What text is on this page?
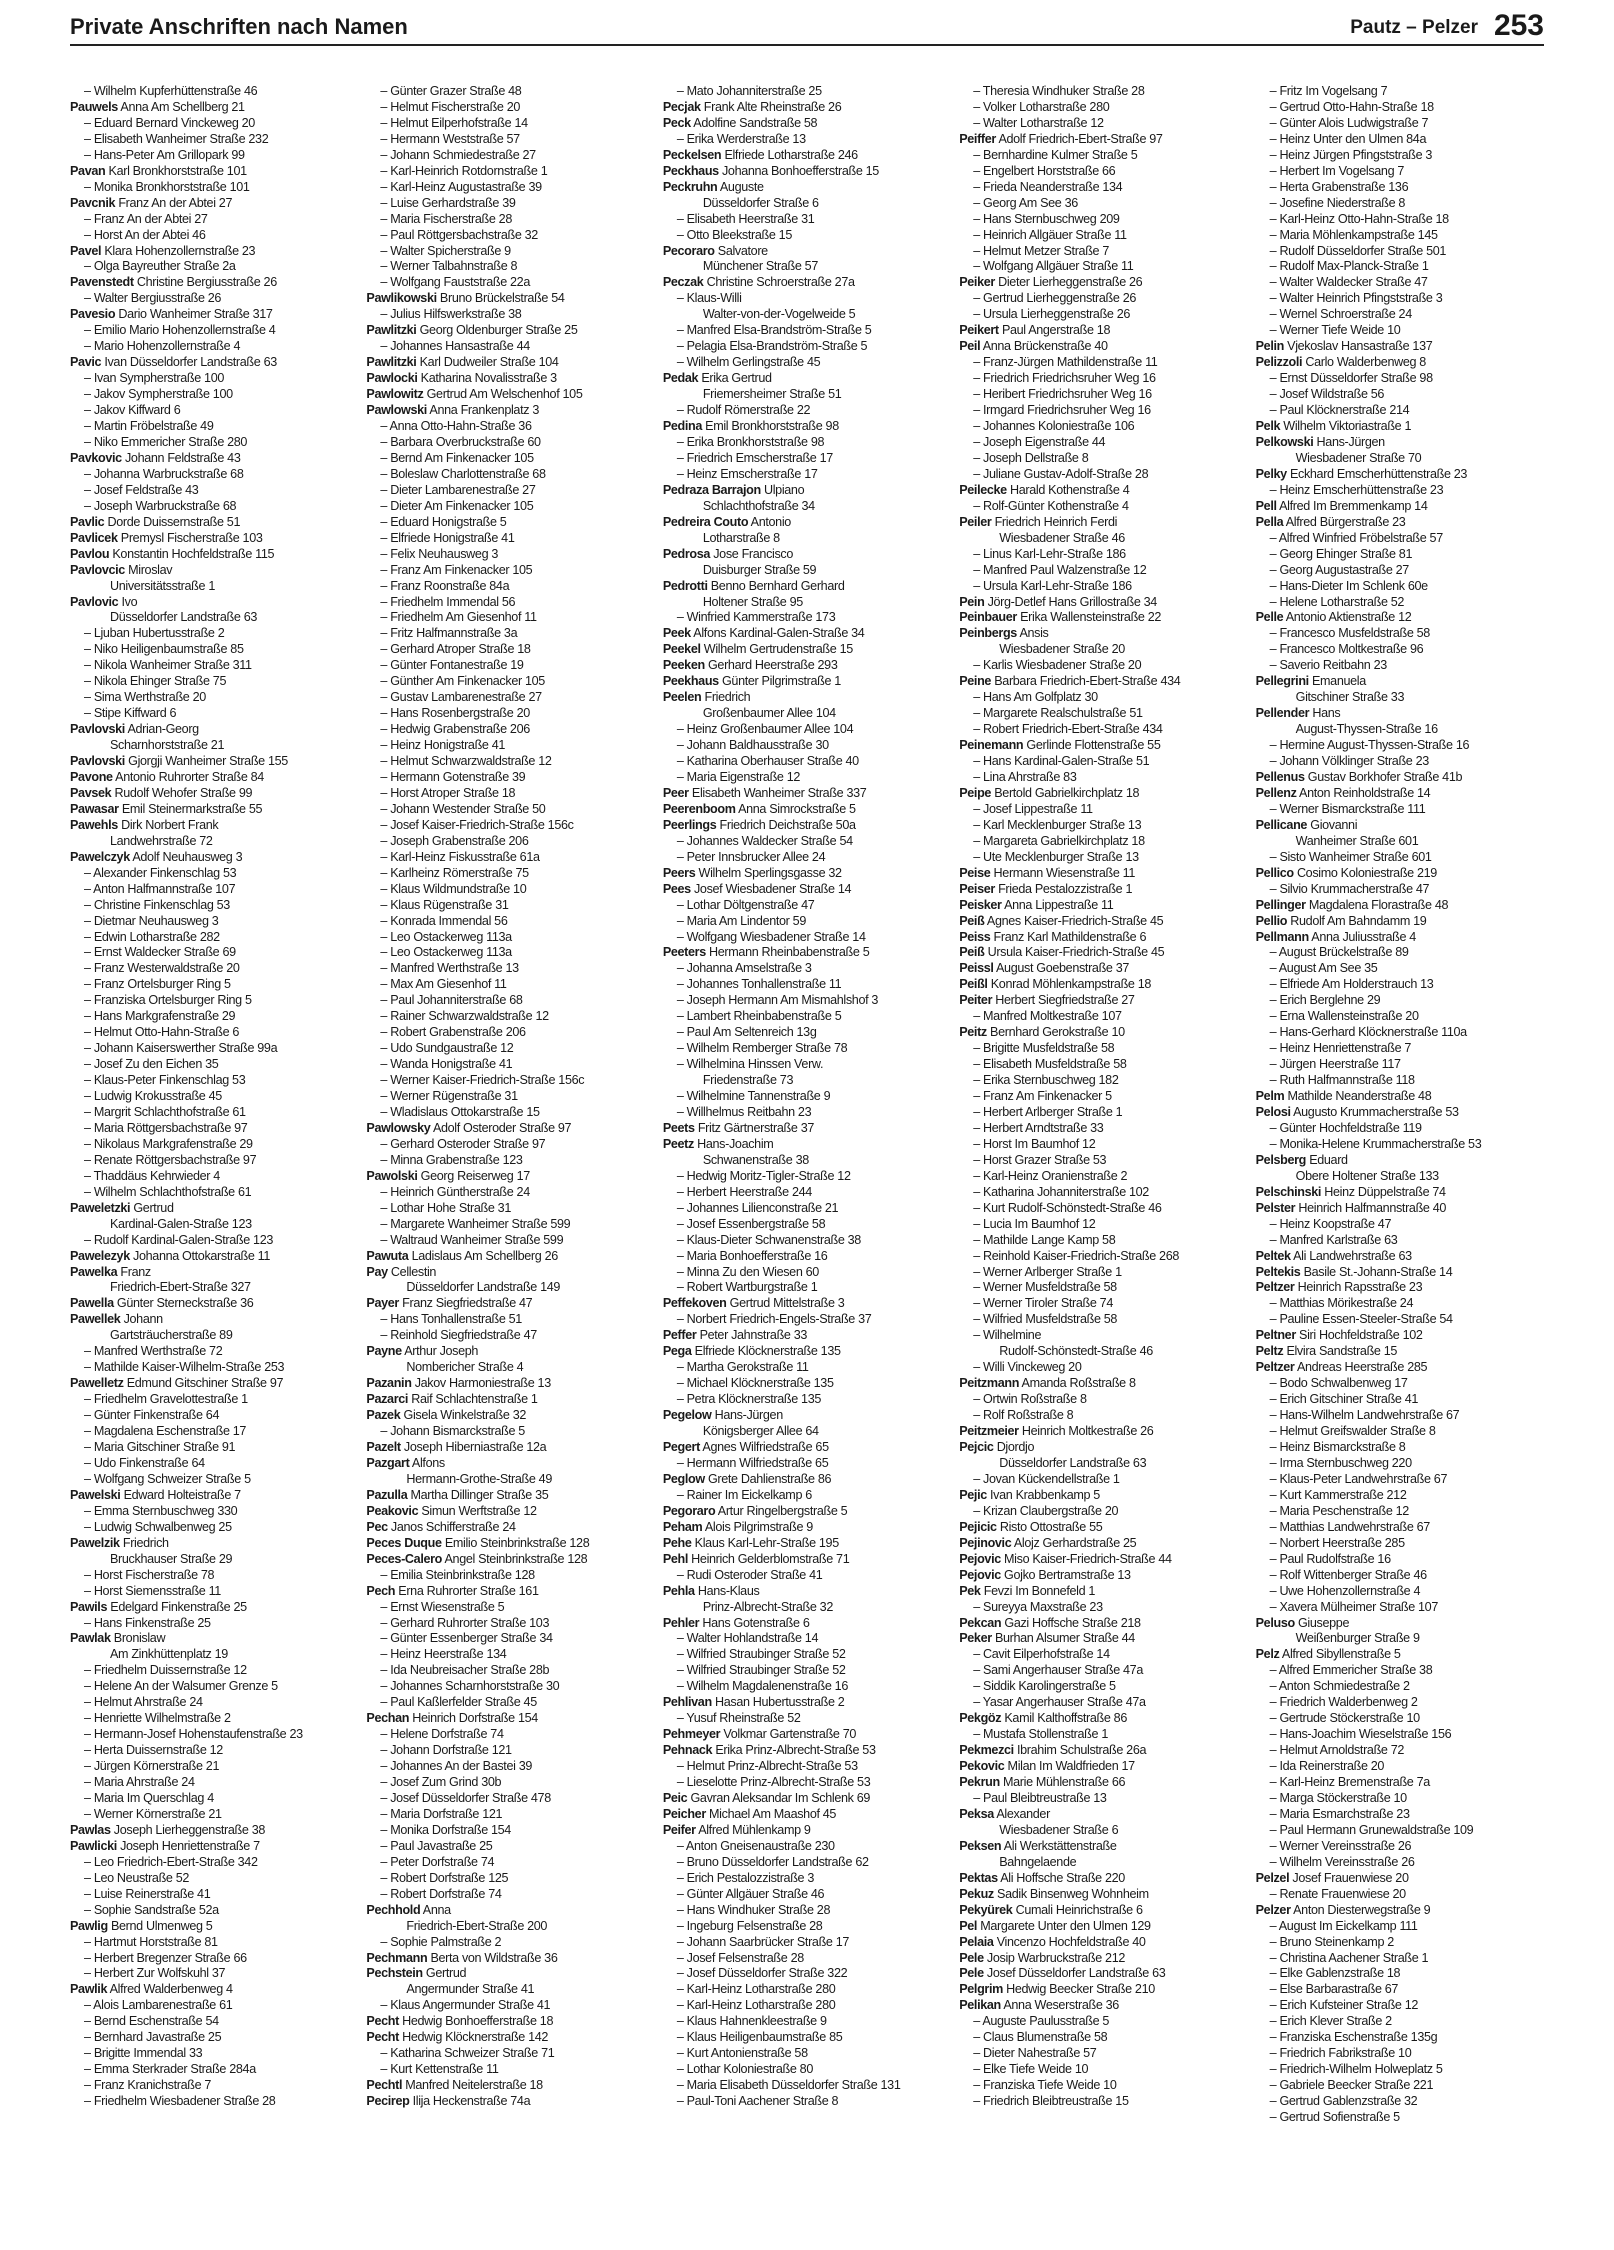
Private Anschriften nach Namen	Pautz – Pelzer 253
– Wilhelm Kupferhüttenstraße 46
Pauwels Anna Am Schellberg 21
– Eduard Bernard Vinckeweg 20
– Elisabeth Wanheimer Straße 232
– Hans-Peter Am Grillopark 99
Pavan Karl Bronkhorststraße 101
– Monika Bronkhorststraße 101
Pavcnik Franz An der Abtei 27
– Franz An der Abtei 27
– Horst An der Abtei 46
Pavel Klara Hohenzollernstraße 23
– Olga Bayreuther Straße 2a
Pavenstedt Christine Bergiusstraße 26
– Walter Bergiusstraße 26
Pavesio Dario Wanheimer Straße 317
– Emilio Mario Hohenzollernstraße 4
– Mario Hohenzollernstraße 4
Pavic Ivan Düsseldorfer Landstraße 63
– Ivan Sympherstraße 100
– Jakov Sympherstraße 100
– Jakov Kiffward 6
– Martin Fröbelstraße 49
– Niko Emmericher Straße 280
Pavkovic Johann Feldstraße 43
– Johanna Warbruckstraße 68
– Josef Feldstraße 43
– Joseph Warbruckstraße 68
Pavlic Dorde Duissernstraße 51
Pavlicek Premysl Fischerstraße 103
Pavlou Konstantin Hochfeldstraße 115
Pavlovcic Miroslav
Universitätsstraße 1
Pavlovic Ivo
Düsseldorfer Landstraße 63
– Ljuban Hubertusstraße 2
– Niko Heiligenbaumstraße 85
– Nikola Wanheimer Straße 311
– Nikola Ehinger Straße 75
– Sima Werthstraße 20
– Stipe Kiffward 6
Pavlovski Adrian-Georg
Scharnhorststraße 21
Pavlovski Gjorgji Wanheimer Straße 155
Pavone Antonio Ruhrorter Straße 84
Pavsek Rudolf Wehofer Straße 99
Pawasar Emil Steinermarkstraße 55
Pawehls Dirk Norbert Frank
Landwehrstraße 72
Pawelczyk Adolf Neuhausweg 3
– Alexander Finkenschlag 53
– Anton Halfmannstraße 107
– Christine Finkenschlag 53
– Dietmar Neuhausweg 3
– Edwin Lotharstraße 282
– Ernst Waldecker Straße 69
– Franz Westerwaldstraße 20
– Franz Ortelsburger Ring 5
– Franziska Ortelsburger Ring 5
– Hans Markgrafenstraße 29
– Helmut Otto-Hahn-Straße 6
– Johann Kaiserswerther Straße 99a
– Josef Zu den Eichen 35
– Klaus-Peter Finkenschlag 53
– Ludwig Krokusstraße 45
– Margrit Schlachthofstraße 61
– Maria Röttgersbachstraße 97
– Nikolaus Markgrafenstraße 29
– Renate Röttgersbachstraße 97
– Thaddäus Kehrwieder 4
– Wilhelm Schlachthofstraße 61
Paweletzki Gertrud
Kardinal-Galen-Straße 123
– Rudolf Kardinal-Galen-Straße 123
Pawelezyk Johanna Ottokarstraße 11
Pawelka Franz
Friedrich-Ebert-Straße 327
Pawella Günter Sterneckstraße 36
Pawellek Johann
Gartsträucherstraße 89
– Manfred Werthstraße 72
– Mathilde Kaiser-Wilhelm-Straße 253
Pawelletz Edmund Gitschiner Straße 97
– Friedhelm Gravelottestraße 1
– Günter Finkenstraße 64
– Magdalena Eschenstraße 17
– Maria Gitschiner Straße 91
– Udo Finkenstraße 64
– Wolfgang Schweizer Straße 5
Pawelski Edward Holteistraße 7
– Emma Sternbuschweg 330
– Ludwig Schwalbenweg 25
Pawelzik Friedrich
Bruckhauser Straße 29
– Horst Fischerstraße 78
– Horst Siemensstraße 11
Pawils Edelgard Finkenstraße 25
– Hans Finkenstraße 25
Pawlak Bronislaw
Am Zinkhüttenplatz 19
– Friedhelm Duissernstraße 12
– Helene An der Walsumer Grenze 5
– Helmut Ahrstraße 24
– Henriette Wilhelmstraße 2
– Hermann-Josef Hohenstaufenstraße 23
– Herta Duissernstraße 12
– Jürgen Körnerstraße 21
– Maria Ahrstraße 24
– Maria Im Querschlag 4
– Werner Körnerstraße 21
Pawlas Joseph Lierheggenstraße 38
Pawlicki Joseph Henriettenstraße 7
– Leo Friedrich-Ebert-Straße 342
– Leo Neustraße 52
– Luise Reinerstraße 41
– Sophie Sandstraße 52a
Pawlig Bernd Ulmenweg 5
– Hartmut Horststraße 81
– Herbert Bregenzer Straße 66
– Herbert Zur Wolfskuhl 37
Pawlik Alfred Walderbenweg 4
– Alois Lambarenestraße 61
– Bernd Eschenstraße 54
– Bernhard Javastraße 25
– Brigitte Immendal 33
– Emma Sterkrader Straße 284a
– Franz Kranichstraße 7
– Friedhelm Wiesbadener Straße 28
– Günter Grazer Straße 48
– Helmut Fischerstraße 20
– Helmut Eilperhofstraße 14
– Hermann Weststraße 57
– Johann Schmiedestraße 27
– Karl-Heinrich Rotdornstraße 1
– Karl-Heinz Augustastraße 39
– Luise Gerhardstraße 39
– Maria Fischerstraße 28
– Paul Röttgersbachstraße 32
– Walter Spicherstraße 9
– Werner Talbahnstraße 8
– Wolfgang Fauststraße 22a
Pawlikowski Bruno Brückelstraße 54
– Julius Hilfswerkstraße 38
Pawlitzki Georg Oldenburger Straße 25
– Johannes Hansastraße 44
Pawlitzki Karl Dudweiler Straße 104
Pawlocki Katharina Novalisstraße 3
Pawlowitz Gertrud Am Welschenhof 105
Pawlowski Anna Frankenplatz 3
– Anna Otto-Hahn-Straße 36
– Barbara Overbruckstraße 60
– Bernd Am Finkenacker 105
– Boleslaw Charlottenstraße 68
– Dieter Lambarenestraße 27
– Dieter Am Finkenacker 105
– Eduard Honigstraße 5
– Elfriede Honigstraße 41
– Felix Neuhausweg 3
– Franz Am Finkenacker 105
– Franz Roonstraße 84a
– Friedhelm Immendal 56
– Friedhelm Am Giesenhof 11
– Fritz Halfmannstraße 3a
– Gerhard Atroper Straße 18
– Günter Fontanestraße 19
– Günther Am Finkenacker 105
– Gustav Lambarenestraße 27
– Hans Rosenbergstraße 20
– Hedwig Grabenstraße 206
– Heinz Honigstraße 41
– Helmut Schwarzwaldstraße 12
– Hermann Gotenstraße 39
– Horst Atroper Straße 18
– Johann Westender Straße 50
– Josef Kaiser-Friedrich-Straße 156c
– Joseph Grabenstraße 206
– Karl-Heinz Fiskusstraße 61a
– Karlheinz Römerstraße 75
– Klaus Wildmundstraße 10
– Klaus Rügenstraße 31
– Konrada Immendal 56
– Leo Ostackerweg 113a
– Leo Ostackerweg 113a
– Manfred Werthstraße 13
– Max Am Giesenhof 11
– Paul Johanniterstraße 68
– Rainer Schwarzwaldstraße 12
– Robert Grabenstraße 206
– Udo Sundgaustraße 12
– Wanda Honigstraße 41
– Werner Kaiser-Friedrich-Straße 156c
– Werner Rügenstraße 31
– Wladislaus Ottokarstraße 15
Pawlowsky Adolf Osteroder Straße 97
– Gerhard Osteroder Straße 97
– Minna Grabenstraße 123
Pawolski Georg Reiserweg 17
– Heinrich Güntherstraße 24
– Lothar Hohe Straße 31
– Margarete Wanheimer Straße 599
– Waltraud Wanheimer Straße 599
Pawuta Ladislaus Am Schellberg 26
Pay Cellestin
Düsseldorfer Landstraße 149
Payer Franz Siegfriedstraße 47
– Hans Tonhallenstraße 51
– Reinhold Siegfriedstraße 47
Payne Arthur Joseph
Nombericher Straße 4
Pazanin Jakov Harmoniestraße 13
Pazarci Raif Schlachtenstraße 1
Pazek Gisela Winkelstraße 32
– Johann Bismarckstraße 5
Pazelt Joseph Hiberniastraße 12a
Pazgart Alfons
Hermann-Grothe-Straße 49
Pazulla Martha Dillinger Straße 35
Peakovic Simun Werftstraße 12
Pec Janos Schifferstraße 24
Peces Duque Emilio Steinbrinkstraße 128
Peces-Calero Angel Steinbrinkstraße 128
– Emilia Steinbrinkstraße 128
Pech Erna Ruhrorter Straße 161
– Ernst Wiesenstraße 5
– Gerhard Ruhrorter Straße 103
– Günter Essenberger Straße 34
– Heinz Heerstraße 134
– Ida Neubreisacher Straße 28b
– Johannes Scharnhorststraße 30
– Paul Kaßlerfelder Straße 45
Pechan Heinrich Dorfstraße 154
– Helene Dorfstraße 74
– Johann Dorfstraße 121
– Johannes An der Bastei 39
– Josef Zum Grind 30b
– Josef Düsseldorfer Straße 478
– Maria Dorfstraße 121
– Monika Dorfstraße 154
– Paul Javastraße 25
– Peter Dorfstraße 74
– Robert Dorfstraße 125
– Robert Dorfstraße 74
Pechhold Anna
Friedrich-Ebert-Straße 200
– Sophie Palmstraße 2
Pechmann Berta von Wildstraße 36
Pechstein Gertrud
Angermunder Straße 41
– Klaus Angermunder Straße 41
Pecht Hedwig Bonhoefferstraße 18
Pecht Hedwig Klöcknerstraße 142
– Katharina Schweizer Straße 71
– Kurt Kettenstraße 11
Pechtl Manfred Neitelerstraße 18
Pecirep Ilija Heckenstraße 74a
– Mato Johanniterstraße 25
Pecjak Frank Alte Rheinstraße 26
Peck Adolfine Sandstraße 58
– Erika Werderstraße 13
Peckelsen Elfriede Lotharstraße 246
Peckhaus Johanna Bonhoefferstraße 15
Peckruhn Auguste
Düsseldorfer Straße 6
– Elisabeth Heerstraße 31
– Otto Bleekstraße 15
Pecoraro Salvatore
Münchener Straße 57
Peczak Christine Schroerstraße 27a
– Klaus-Willi
Walter-von-der-Vogelweide 5
– Manfred Elsa-Brandström-Straße 5
– Pelagia Elsa-Brandström-Straße 5
– Wilhelm Gerlingstraße 45
Pedak Erika Gertrud
Friemersheimer Straße 51
– Rudolf Römerstraße 22
Pedina Emil Bronkhorststraße 98
– Erika Bronkhorststraße 98
– Friedrich Emscherstraße 17
– Heinz Emscherstraße 17
Pedraza Barrajon Ulpiano
Schlachthofstraße 34
Pedreira Couto Antonio
Lotharstraße 8
Pedrosa Jose Francisco
Duisburger Straße 59
Pedrotti Benno Bernhard Gerhard
Holtener Straße 95
– Winfried Kammerstraße 173
Peek Alfons Kardinal-Galen-Straße 34
Peekel Wilhelm Gertrudenstraße 15
Peeken Gerhard Heerstraße 293
Peekhaus Günter Pilgrimstraße 1
Peelen Friedrich
Großenbaumer Allee 104
– Heinz Großenbaumer Allee 104
– Johann Baldhausstraße 30
– Katharina Oberhauser Straße 40
– Maria Eigenstraße 12
Peer Elisabeth Wanheimer Straße 337
Peerenboom Anna Simrockstraße 5
Peerlings Friedrich Deichstraße 50a
– Johannes Waldecker Straße 54
– Peter Innsbrucker Allee 24
Peers Wilhelm Sperlingsgasse 32
Pees Josef Wiesbadener Straße 14
– Lothar Döltgenstraße 47
– Maria Am Lindentor 59
– Wolfgang Wiesbadener Straße 14
Peeters Hermann Rheinbabenstraße 5
– Johanna Amselstraße 3
– Johannes Tonhallenstraße 11
– Joseph Hermann Am Mismahlshof 3
– Lambert Rheinbabenstraße 5
– Paul Am Seltenreich 13g
– Wilhelm Remberger Straße 78
– Wilhelmina Hinssen Verw.
Friedenstraße 73
– Wilhelmine Tannenstraße 9
– Willhelmus Reitbahn 23
Peets Fritz Gärtnerstraße 37
Peetz Hans-Joachim
Schwanenstraße 38
– Hedwig Moritz-Tigler-Straße 12
– Herbert Heerstraße 244
– Johannes Lilienconstraße 21
– Josef Essenbergstraße 58
– Klaus-Dieter Schwanenstraße 38
– Maria Bonhoefferstraße 16
– Minna Zu den Wiesen 60
– Robert Wartburgstraße 1
Peffekoven Gertrud Mittelstraße 3
– Norbert Friedrich-Engels-Straße 37
Peffer Peter Jahnstraße 33
Pega Elfriede Klöcknerstraße 135
– Martha Gerokstraße 11
– Michael Klöcknerstraße 135
– Petra Klöcknerstraße 135
Pegelow Hans-Jürgen
Königsberger Allee 64
Pegert Agnes Wilfriedstraße 65
– Hermann Wilfriedstraße 65
Peglow Grete Dahlienstraße 86
– Rainer Im Eickelkamp 6
Pegoraro Artur Ringelbergstraße 5
Peham Alois Pilgrimstraße 9
Pehe Klaus Karl-Lehr-Straße 195
Pehl Heinrich Gelderblomstraße 71
– Rudi Osteroder Straße 41
Pehla Hans-Klaus
Prinz-Albrecht-Straße 32
Pehler Hans Gotenstraße 6
– Walter Hohlandstraße 14
– Wilfried Straubinger Straße 52
– Wilfried Straubinger Straße 52
– Wilhelm Magdalenenstraße 16
Pehlivan Hasan Hubertusstraße 2
– Yusuf Rheinstraße 52
Pehmeyer Volkmar Gartenstraße 70
Pehnack Erika Prinz-Albrecht-Straße 53
– Helmut Prinz-Albrecht-Straße 53
– Lieselotte Prinz-Albrecht-Straße 53
Peic Gavran Aleksandar Im Schlenk 69
Peicher Michael Am Maashof 45
Peifer Alfred Mühlenkamp 9
– Anton Gneisenaustraße 230
– Bruno Düsseldorfer Landstraße 62
– Erich Pestalozzistraße 3
– Günter Allgäuer Straße 46
– Hans Windhuker Straße 28
– Ingeburg Felsenstraße 28
– Johann Saarbrücker Straße 17
– Josef Felsenstraße 28
– Josef Düsseldorfer Straße 322
– Karl-Heinz Lotharstraße 280
– Karl-Heinz Lotharstraße 280
– Klaus Hahnenkleestraße 9
– Klaus Heiligenbaumstraße 85
– Kurt Antonienstraße 58
– Lothar Koloniestraße 80
– Maria Elisabeth Düsseldorfer Straße 131
– Paul-Toni Aachener Straße 8
– Theresia Windhuker Straße 28
– Volker Lotharstraße 280
– Walter Lotharstraße 12
Peiffer Adolf Friedrich-Ebert-Straße 97
– Bernhardine Kulmer Straße 5
– Engelbert Horststraße 66
– Frieda Neanderstraße 134
– Georg Am See 36
– Hans Sternbuschweg 209
– Heinrich Allgäuer Straße 11
– Helmut Metzer Straße 7
– Wolfgang Allgäuer Straße 11
Peiker Dieter Lierheggenstraße 26
– Gertrud Lierheggenstraße 26
– Ursula Lierheggenstraße 26
Peikert Paul Angerstraße 18
Peil Anna Brückenstraße 40
– Franz-Jürgen Mathildenstraße 11
– Friedrich Friedrichsruher Weg 16
– Heribert Friedrichsruher Weg 16
– Irmgard Friedrichsruher Weg 16
– Johannes Koloniestraße 106
– Joseph Eigenstraße 44
– Joseph Dellstraße 8
– Juliane Gustav-Adolf-Straße 28
Peilecke Harald Kothenstraße 4
– Rolf-Günter Kothenstraße 4
Peiler Friedrich Heinrich Ferdi
Wiesbadener Straße 46
– Linus Karl-Lehr-Straße 186
– Manfred Paul Walzenstraße 12
– Ursula Karl-Lehr-Straße 186
Pein Jörg-Detlef Hans Grillostraße 34
Peinbauer Erika Wallensteinstraße 22
Peinbergs Ansis
Wiesbadener Straße 20
– Karlis Wiesbadener Straße 20
Peine Barbara Friedrich-Ebert-Straße 434
– Hans Am Golfplatz 30
– Margarete Realschulstraße 51
– Robert Friedrich-Ebert-Straße 434
Peinemann Gerlinde Flottenstraße 55
– Hans Kardinal-Galen-Straße 51
– Lina Ahrstraße 83
Peipe Bertold Gabrielkirchplatz 18
– Josef Lippestraße 11
– Karl Mecklenburger Straße 13
– Margareta Gabrielkirchplatz 18
– Ute Mecklenburger Straße 13
Peise Hermann Wiesenstraße 11
Peiser Frieda Pestalozzistraße 1
Peisker Anna Lippestraße 11
Peiß Agnes Kaiser-Friedrich-Straße 45
Peiss Franz Karl Mathildenstraße 6
Peiß Ursula Kaiser-Friedrich-Straße 45
Peissl August Goebenstraße 37
Peißl Konrad Möhlenkampstraße 18
Peiter Herbert Siegfriedstraße 27
– Manfred Moltkestraße 107
Peitz Bernhard Gerokstraße 10
– Brigitte Musfeldstraße 58
– Elisabeth Musfeldstraße 58
– Erika Sternbuschweg 182
– Franz Am Finkenacker 5
– Herbert Arlberger Straße 1
– Herbert Arndtstraße 33
– Horst Im Baumhof 12
– Horst Grazer Straße 53
– Karl-Heinz Oranienstraße 2
– Katharina Johanniterstraße 102
– Kurt Rudolf-Schönstedt-Straße 46
– Lucia Im Baumhof 12
– Mathilde Lange Kamp 58
– Reinhold Kaiser-Friedrich-Straße 268
– Werner Arlberger Straße 1
– Werner Musfeldstraße 58
– Werner Tiroler Straße 74
– Wilfried Musfeldstraße 58
– Wilhelmine
Rudolf-Schönstedt-Straße 46
– Willi Vinckeweg 20
Peitzmann Amanda Roßstraße 8
– Ortwin Roßstraße 8
– Rolf Roßstraße 8
Peitzmeier Heinrich Moltkestraße 26
Pejcic Djordjo
Düsseldorfer Landstraße 63
– Jovan Kückendellstraße 1
Pejic Ivan Krabbenkamp 5
– Krizan Claubergstraße 20
Pejicic Risto Ottostraße 55
Pejinovic Alojz Gerhardstraße 25
Pejovic Miso Kaiser-Friedrich-Straße 44
Pejovic Gojko Bertramstraße 13
Pek Fevzi Im Bonnefeld 1
– Sureyya Maxstraße 23
Pekcan Gazi Hoffsche Straße 218
Peker Burhan Alsumer Straße 44
– Cavit Eilperhofstraße 14
– Sami Angerhauser Straße 47a
– Siddik Karolingerstraße 5
– Yasar Angerhauser Straße 47a
Pekgöz Kamil Kalthoffstraße 86
– Mustafa Stollenstraße 1
Pekmezci Ibrahim Schulstraße 26a
Pekovic Milan Im Waldfrieden 17
Pekrun Marie Mühlenstraße 66
– Paul Bleibtreustraße 13
Peksa Alexander
Wiesbadener Straße 6
Peksen Ali Werkstättenstraße
Bahngelaende
Pektas Ali Hoffsche Straße 220
Pekuz Sadik Binsenweg Wohnheim
Pekyürek Cumali Heinrichstraße 6
Pel Margarete Unter den Ulmen 129
Pelaia Vincenzo Hochfeldstraße 40
Pele Josip Warbruckstraße 212
Pele Josef Düsseldorfer Landstraße 63
Pelgrim Hedwig Beecker Straße 210
Pelikan Anna Weserstraße 36
– Auguste Paulusstraße 5
– Claus Blumenstraße 58
– Dieter Nahestraße 57
– Elke Tiefe Weide 10
– Franziska Tiefe Weide 10
– Friedrich Bleibtreustraße 15
– Fritz Im Vogelsang 7
– Gertrud Otto-Hahn-Straße 18
– Günter Alois Ludwigstraße 7
– Heinz Unter den Ulmen 84a
– Heinz Jürgen Pfingststraße 3
– Herbert Im Vogelsang 7
– Herta Grabenstraße 136
– Josefine Niederstraße 8
– Karl-Heinz Otto-Hahn-Straße 18
– Maria Möhlenkampstraße 145
– Rudolf Düsseldorfer Straße 501
– Rudolf Max-Planck-Straße 1
– Walter Waldecker Straße 47
– Walter Heinrich Pfingststraße 3
– Wernel Schroerstraße 24
– Werner Tiefe Weide 10
Pelin Vjekoslav Hansastraße 137
Pelizzoli Carlo Walderbenweg 8
– Ernst Düsseldorfer Straße 98
– Josef Wildstraße 56
– Paul Klöcknerstraße 214
Pelk Wilhelm Viktoriastraße 1
Pelkowski Hans-Jürgen
Wiesbadener Straße 70
Pelky Eckhard Emscherhüttenstraße 23
– Heinz Emscherhüttenstraße 23
Pell Alfred Im Bremmenkamp 14
Pella Alfred Bürgerstraße 23
– Alfred Winfried Fröbelstraße 57
– Georg Ehinger Straße 81
– Georg Augustastraße 27
– Hans-Dieter Im Schlenk 60e
– Helene Lotharstraße 52
Pelle Antonio Aktienstraße 12
– Francesco Musfeldstraße 58
– Francesco Moltkestraße 96
– Saverio Reitbahn 23
Pellegrini Emanuela
Gitschiner Straße 33
Pellender Hans
August-Thyssen-Straße 16
– Hermine August-Thyssen-Straße 16
– Johann Völklinger Straße 23
Pellenus Gustav Borkhofer Straße 41b
Pellenz Anton Reinholdstraße 14
– Werner Bismarckstraße 111
Pellicane Giovanni
Wanheimer Straße 601
– Sisto Wanheimer Straße 601
Pellico Cosimo Koloniestraße 219
– Silvio Krummacherstraße 47
Pellinger Magdalena Florastraße 48
Pellio Rudolf Am Bahndamm 19
Pellmann Anna Juliusstraße 4
– August Brückelstraße 89
– August Am See 35
– Elfriede Am Holderstrauch 13
– Erich Berglehne 29
– Erna Wallensteinstraße 20
– Hans-Gerhard Klöcknerstraße 110a
– Heinz Henriettenstraße 7
– Jürgen Heerstraße 117
– Ruth Halfmannstraße 118
Pelm Mathilde Neanderstraße 48
Pelosi Augusto Krummacherstraße 53
– Günter Hochfeldstraße 119
– Monika-Helene Krummacherstraße 53
Pelsberg Eduard
Obere Holtener Straße 133
Pelschinski Heinz Düppelstraße 74
Pelster Heinrich Halfmannstraße 40
– Heinz Koopstraße 47
– Manfred Karlstraße 63
Peltek Ali Landwehrstraße 63
Peltekis Basile St.-Johann-Straße 14
Peltzer Heinrich Rapsstraße 23
– Matthias Mörikestraße 24
– Pauline Essen-Steeler-Straße 54
Peltner Siri Hochfeldstraße 102
Peltz Elvira Sandstraße 15
Peltzer Andreas Heerstraße 285
– Bodo Schwalbenweg 17
– Erich Gitschiner Straße 41
– Hans-Wilhelm Landwehrstraße 67
– Helmut Greifswalder Straße 8
– Heinz Bismarckstraße 8
– Irma Sternbuschweg 220
– Klaus-Peter Landwehrstraße 67
– Kurt Kammerstraße 212
– Maria Peschenstraße 12
– Matthias Landwehrstraße 67
– Norbert Heerstraße 285
– Paul Rudolfstraße 16
– Rolf Wittenberger Straße 46
– Uwe Hohenzollernstraße 4
– Xavera Mülheimer Straße 107
Peluso Giuseppe
Weißenburger Straße 9
Pelz Alfred Sibyllenstraße 5
– Alfred Emmericher Straße 38
– Anton Schmiedestraße 2
– Friedrich Walderbenweg 2
– Gertrude Stöckerstraße 10
– Hans-Joachim Wieselstraße 156
– Helmut Arnoldstraße 72
– Ida Reinerstraße 20
– Karl-Heinz Bremenstraße 7a
– Marga Stöckerstraße 10
– Maria Esmarchstraße 23
– Paul Hermann Grunewaldstraße 109
– Werner Vereinsstraße 26
– Wilhelm Vereinsstraße 26
Pelzel Josef Frauenwiese 20
– Renate Frauenwiese 20
Pelzer Anton Diesterwegstraße 9
– August Im Eickelkamp 111
– Bruno Steinenkamp 2
– Christina Aachener Straße 1
– Elke Gablenzstraße 18
– Else Barbarastraße 67
– Erich Kufsteiner Straße 12
– Erich Klever Straße 2
– Franziska Eschenstraße 135g
– Friedrich Fabrikstraße 10
– Friedrich-Wilhelm Holweplatz 5
– Gabriele Beecker Straße 221
– Gertrud Gablenzstraße 32
– Gertrud Sofienstraße 5
